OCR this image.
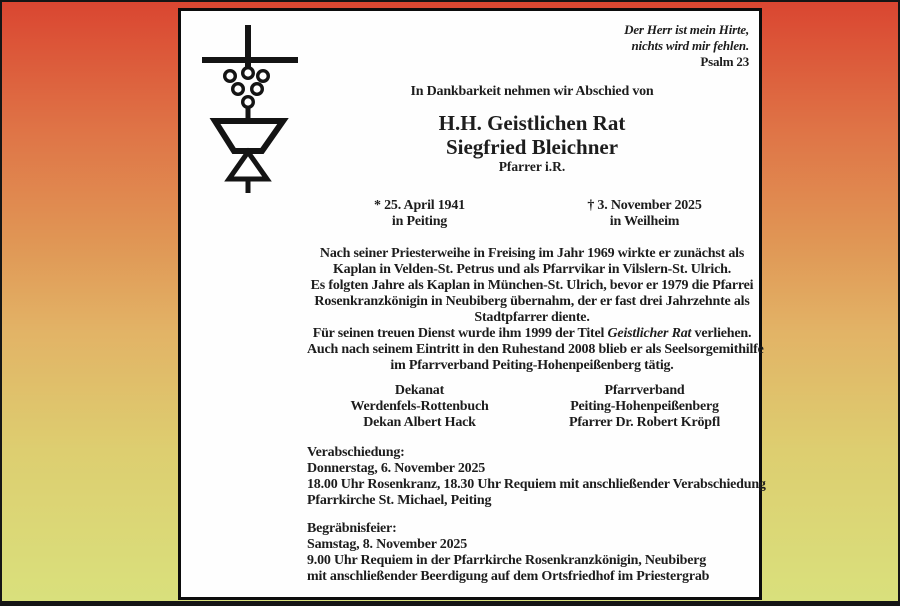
Der Herr ist mein Hirte,
nichts wird mir fehlen.
Psalm 23
In Dankbarkeit nehmen wir Abschied von
H.H. Geistlichen Rat
Siegfried Bleichner
Pfarrer i.R.
* 25. April 1941
in Peiting
† 3. November 2025
in Weilheim
Nach seiner Priesterweihe in Freising im Jahr 1969 wirkte er zunächst als
Kaplan in Velden-St. Petrus und als Pfarrvikar in Vilslern-St. Ulrich.
Es folgten Jahre als Kaplan in München-St. Ulrich, bevor er 1979 die Pfarrei
Rosenkranzkönigin in Neubiberg übernahm, der er fast drei Jahrzehnte als
Stadtpfarrer diente.
Für seinen treuen Dienst wurde ihm 1999 der Titel Geistlicher Rat verliehen.
Auch nach seinem Eintritt in den Ruhestand 2008 blieb er als Seelsorgemithilfe
im Pfarrverband Peiting-Hohenpeißenberg tätig.
Dekanat
Werdenfels-Rottenbuch
Dekan Albert Hack
Pfarrverband
Peiting-Hohenpeißenberg
Pfarrer Dr. Robert Kröpfl
Verabschiedung:
Donnerstag, 6. November 2025
18.00 Uhr Rosenkranz, 18.30 Uhr Requiem mit anschließender Verabschiedung
Pfarrkirche St. Michael, Peiting
Begräbnisfeier:
Samstag, 8. November 2025
9.00 Uhr Requiem in der Pfarrkirche Rosenkranzkönigin, Neubiberg
mit anschließender Beerdigung auf dem Ortsfriedhof im Priestergrab
